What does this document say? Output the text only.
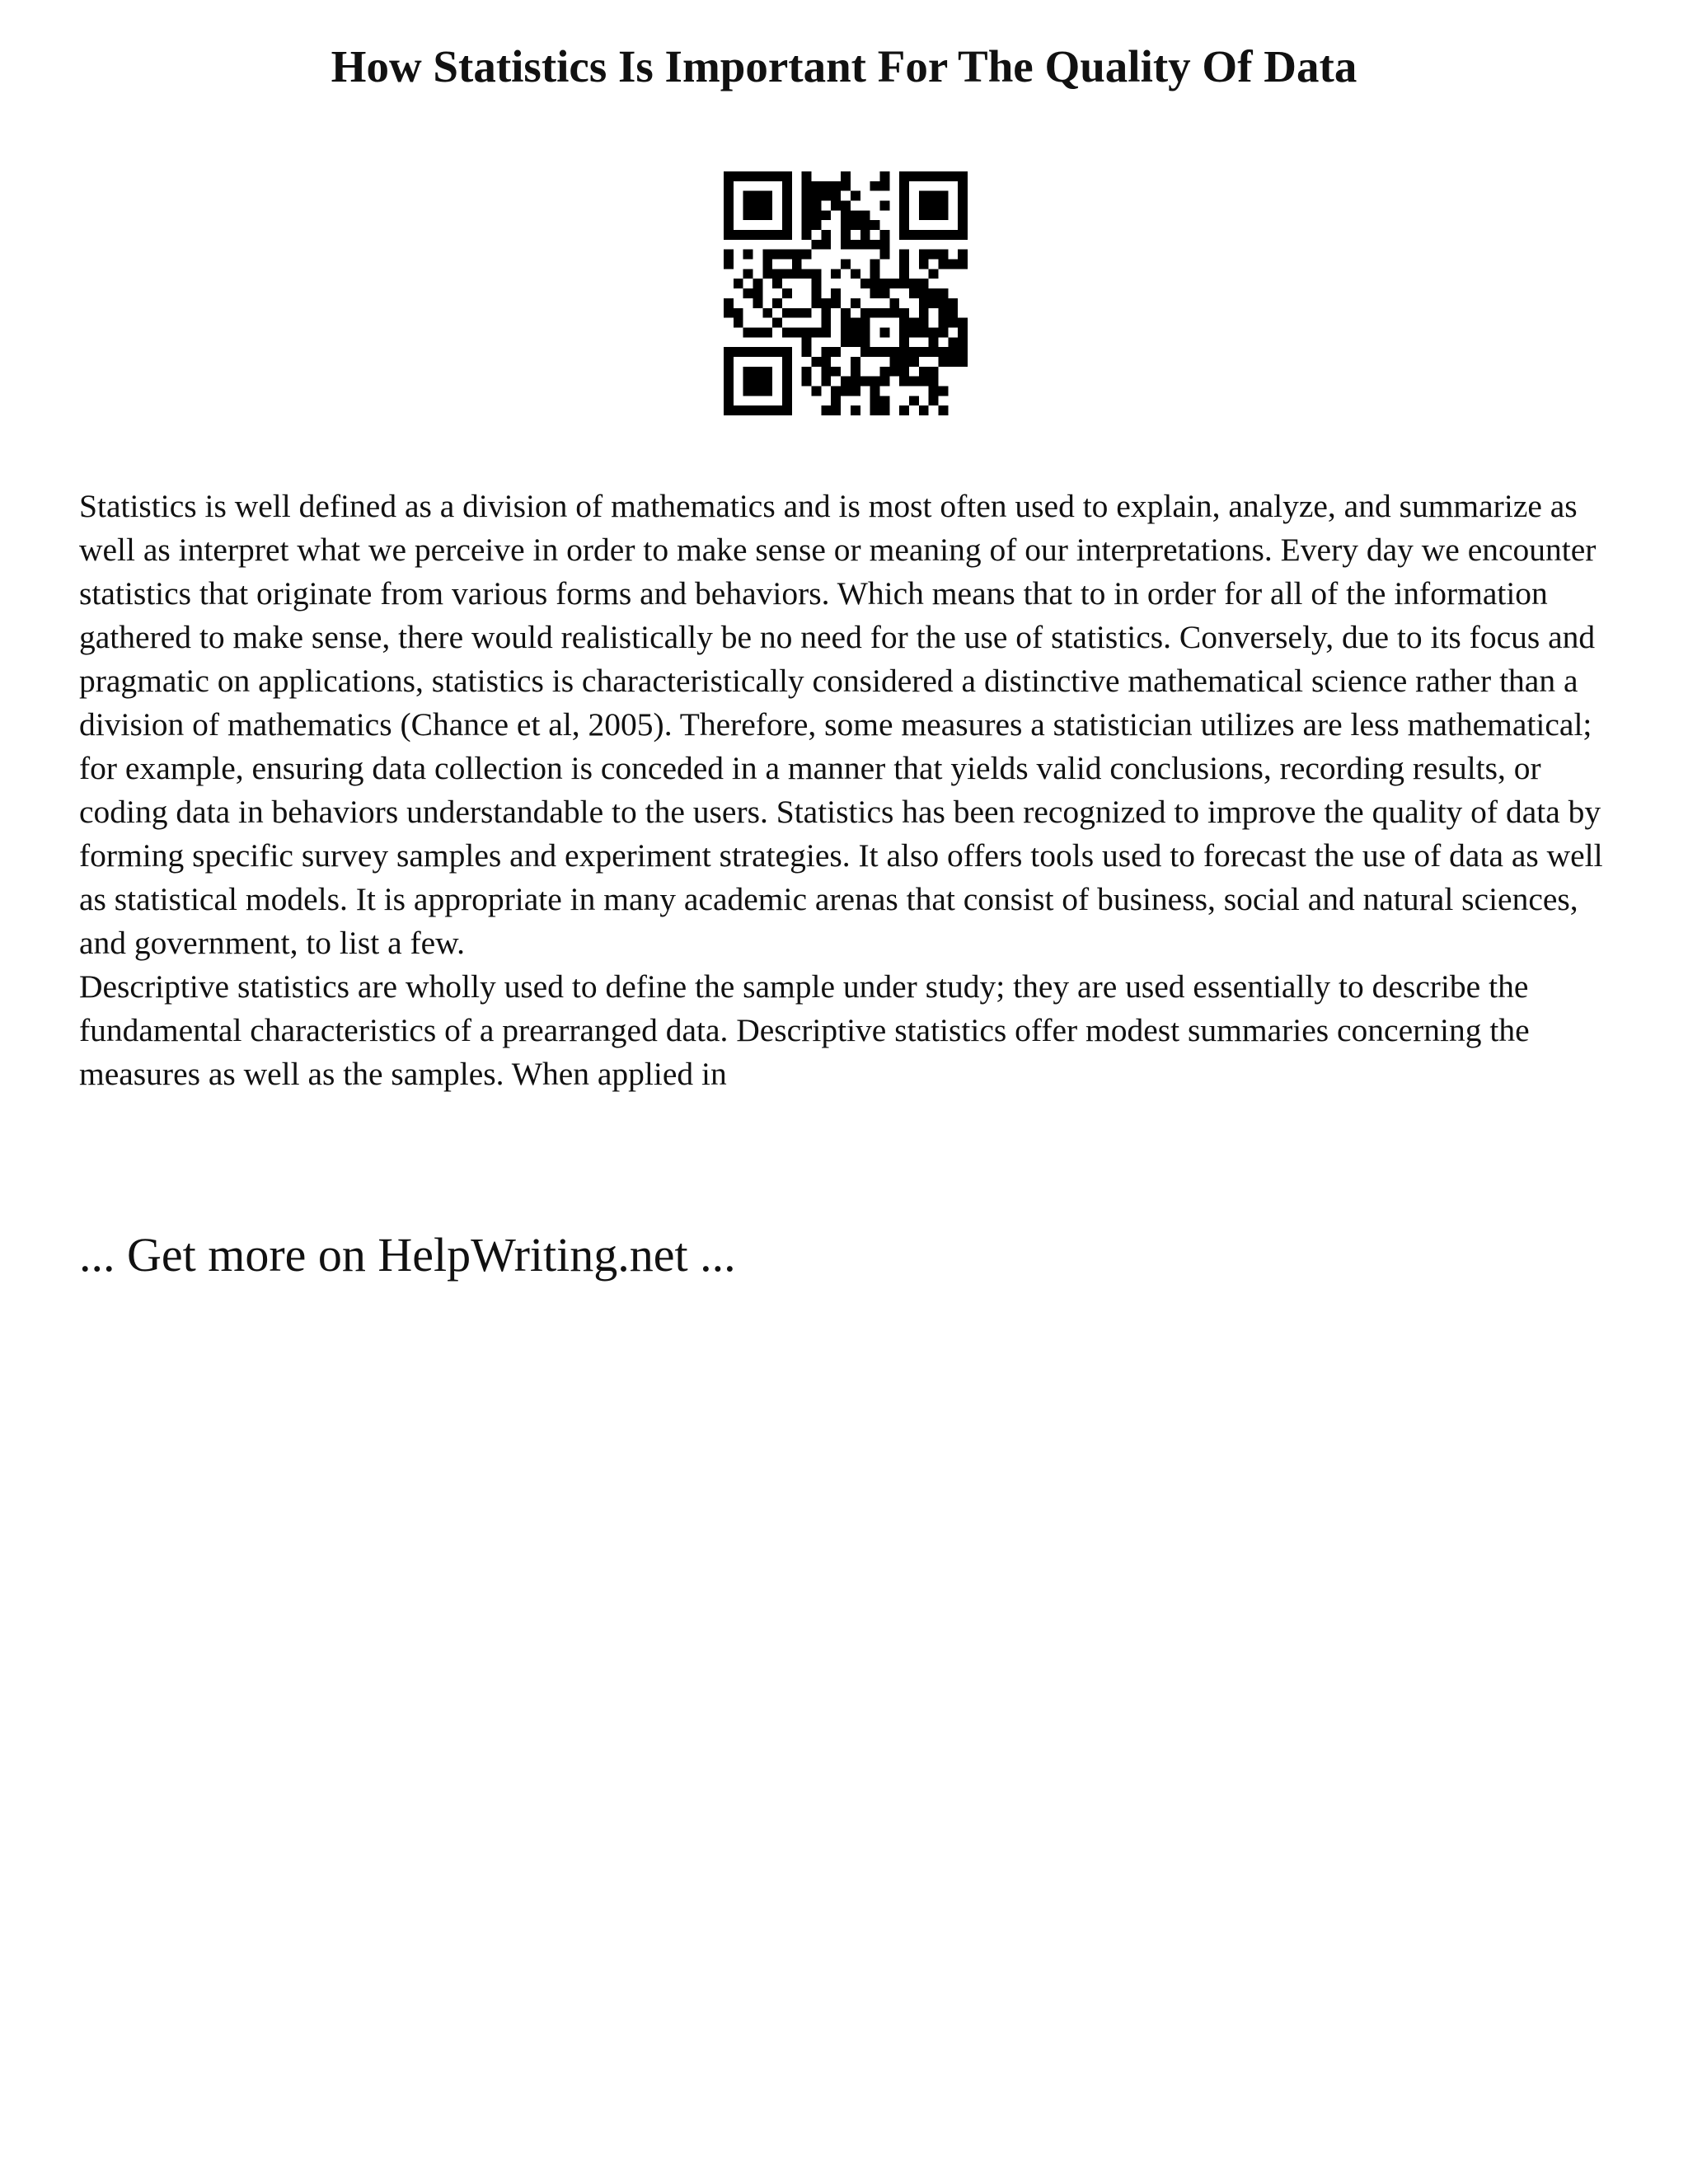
How Statistics Is Important For The Quality Of Data

Statistics is well defined as a division of mathematics and is most often used to explain, analyze, and summarize as well as interpret what we perceive in order to make sense or meaning of our interpretations. Every day we encounter statistics that originate from various forms and behaviors. Which means that to in order for all of the information gathered to make sense, there would realistically be no need for the use of statistics. Conversely, due to its focus and pragmatic on applications, statistics is characteristically considered a distinctive mathematical science rather than a division of mathematics (Chance et al, 2005). Therefore, some measures a statistician utilizes are less mathematical; for example, ensuring data collection is conceded in a manner that yields valid conclusions, recording results, or coding data in behaviors understandable to the users. Statistics has been recognized to improve the quality of data by forming specific survey samples and experiment strategies. It also offers tools used to forecast the use of data as well as statistical models. It is appropriate in many academic arenas that consist of business, social and natural sciences, and government, to list a few.

Descriptive statistics are wholly used to define the sample under study; they are used essentially to describe the fundamental characteristics of a prearranged data. Descriptive statistics offer modest summaries concerning the measures as well as the samples. When applied in

... Get more on HelpWriting.net ...
